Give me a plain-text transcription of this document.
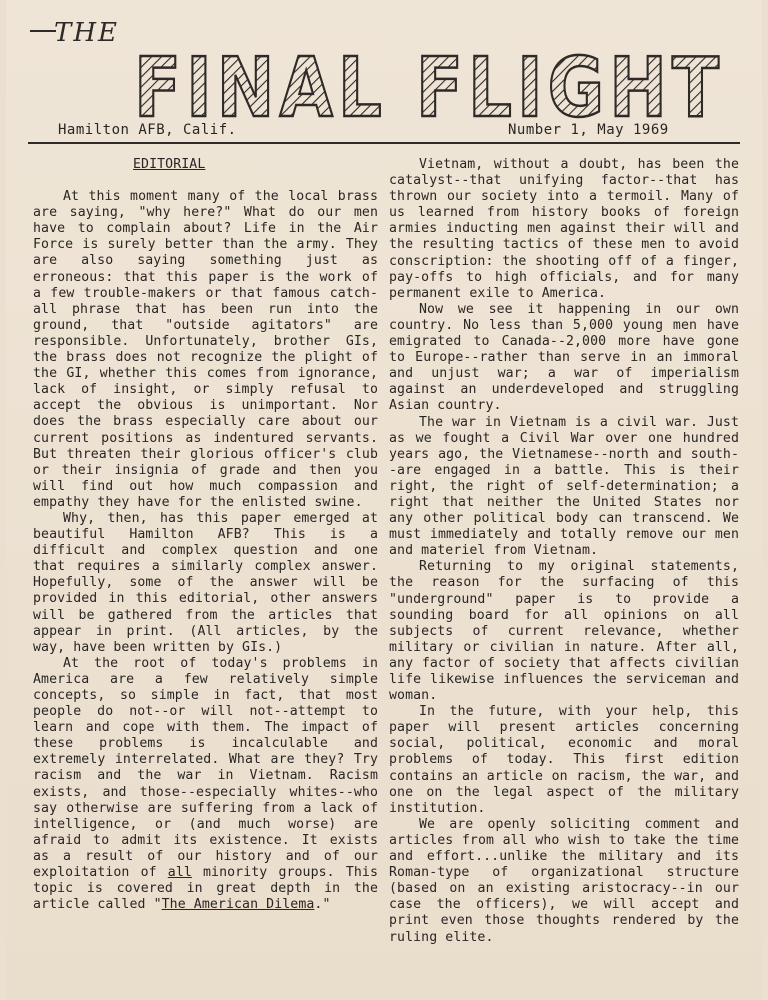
THE
FINAL FLIGHT
Hamilton AFB, Calif.	Number 1, May 1969

EDITORIAL

At this moment many of the local brass are saying, "why here?" What do our men have to complain about? Life in the Air Force is surely better than the army. They are also saying something just as erroneous: that this paper is the work of a few trouble-makers or that famous catch-all phrase that has been run into the ground, that "outside agitators" are responsible. Unfortunately, brother GIs, the brass does not recognize the plight of the GI, whether this comes from ignorance, lack of insight, or simply refusal to accept the obvious is unimportant. Nor does the brass especially care about our current positions as indentured servants. But threaten their glorious officer's club or their insignia of grade and then you will find out how much compassion and empathy they have for the enlisted swine.

Why, then, has this paper emerged at beautiful Hamilton AFB? This is a difficult and complex question and one that requires a similarly complex answer. Hopefully, some of the answer will be provided in this editorial, other answers will be gathered from the articles that appear in print. (All articles, by the way, have been written by GIs.)

At the root of today's problems in America are a few relatively simple concepts, so simple in fact, that most people do not--or will not--attempt to learn and cope with them. The impact of these problems is incalculable and extremely interrelated. What are they? Try racism and the war in Vietnam. Racism exists, and those--especially whites--who say otherwise are suffering from a lack of intelligence, or (and much worse) are afraid to admit its existence. It exists as a result of our history and of our exploitation of all minority groups. This topic is covered in great depth in the article called "The American Dilema."

Vietnam, without a doubt, has been the catalyst--that unifying factor--that has thrown our society into a termoil. Many of us learned from history books of foreign armies inducting men against their will and the resulting tactics of these men to avoid conscription: the shooting off of a finger, pay-offs to high officials, and for many permanent exile to America.

Now we see it happening in our own country. No less than 5,000 young men have emigrated to Canada--2,000 more have gone to Europe--rather than serve in an immoral and unjust war; a war of imperialism against an underdeveloped and struggling Asian country.

The war in Vietnam is a civil war. Just as we fought a Civil War over one hundred years ago, the Vietnamese--north and south--are engaged in a battle. This is their right, the right of self-determination; a right that neither the United States nor any other political body can transcend. We must immediately and totally remove our men and materiel from Vietnam.

Returning to my original statements, the reason for the surfacing of this "underground" paper is to provide a sounding board for all opinions on all subjects of current relevance, whether military or civilian in nature. After all, any factor of society that affects civilian life likewise influences the serviceman and woman.

In the future, with your help, this paper will present articles concerning social, political, economic and moral problems of today. This first edition contains an article on racism, the war, and one on the legal aspect of the military institution.

We are openly soliciting comment and articles from all who wish to take the time and effort...unlike the military and its Roman-type of organizational structure (based on an existing aristocracy--in our case the officers), we will accept and print even those thoughts rendered by the ruling elite.
